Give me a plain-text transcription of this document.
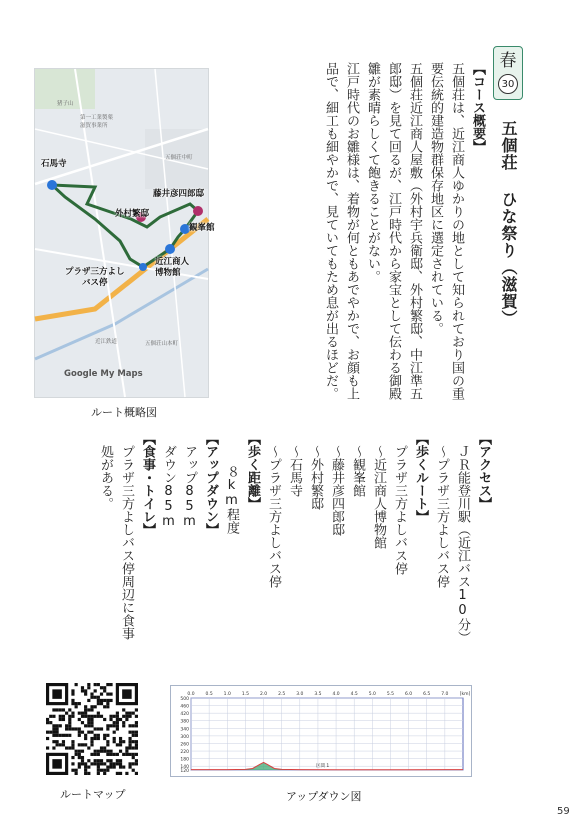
春
30
五個荘 ひな祭り（滋賀）

【コース概要】

五個荘は、近江商人ゆかりの地として知られており国の重要伝統的建造物群保存地区に選定されている。

五個荘近江商人屋敷（外村宇兵衛邸、外村繁邸、中江準五郎邸）を見て回るが、江戸時代から家宝として伝わる御殿雛が素晴らしくて飽きることがない。

江戸時代のお雛様は、着物が何ともあでやかで、お顔も上品で、細工も細やかで、見ていてもため息が出るほどだ。

【アクセス】

ＪＲ能登川駅（近江バス10分）

〜プラザ三方よしバス停

【歩くルート】

プラザ三方よしバス停

〜近江商人博物館

〜観峯館

〜藤井彦四郎邸

〜外村繁邸

〜石馬寺

〜プラザ三方よしバス停

【歩く距離】

８km程度

【アップダウン】

アップ85m

ダウン85m

【食事・トイレ】

プラザ三方よしバス停周辺に食事

処がある。

猪子山
第一工業製薬
滋賀事業所
五個荘中町
五個荘山本町
近江鉄道
石馬寺
藤井彦四郎邸
外村繁邸
観峯館
近江商人
博物館
プラザ三方よし
バス停
Google My Maps
ルート概略図
ルートマップ
500
460
420
380
340
300
260
220
180
140
120
0.0 0.5 1.0 1.5 2.0 2.5 3.0 3.5 4.0 4.5 5.0 5.5 6.0 6.5 7.0	[km]
区間 1
アップダウン図
59
